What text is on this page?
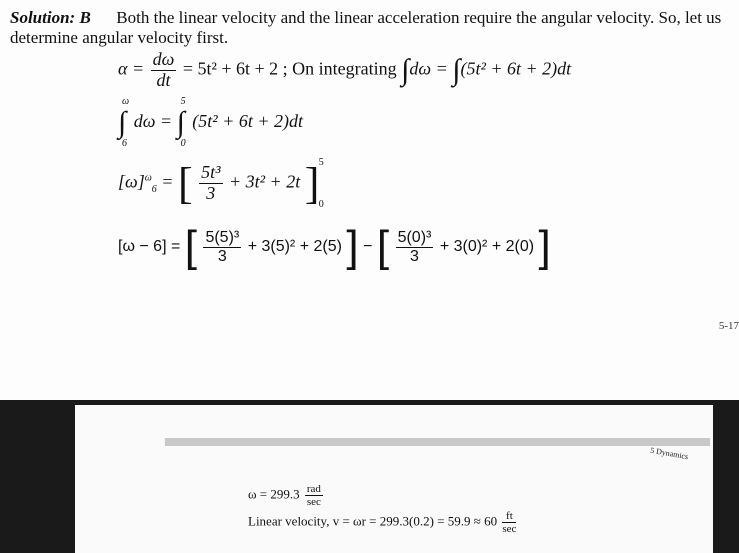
Solution: B Both the linear velocity and the linear acceleration require the angular velocity. So, let us
determine angular velocity first.
$\alpha = \frac{d\omega}{dt} = 5t^2 + 6t + 2$ ; On integrating ∫dω = ∫(5t² + 6t + 2)dt
∫
ω
6
dω = ∫
5
0
(5t² + 6t + 2)dt
$[\omega]^\omega_6$ = [ $\frac{\text{5t³}}{3} + 3t^2 + 2t$ ] 5
0
[ω − 6] = [ $\frac{\text{5(5)³}}{3} + 3(5)^2 + 2(5)$ ] − [ $\frac{\text{5(0)³}}{3} + 3(0)^2 + 2(0)$ ]
5-17
5 Dynamics
$\omega = 299.3 \frac{\text{rad}}{\sec}$
Linear velocity, $v = \omega r = 299.3(0.2) = 59.9 \approx 60 \frac{ft}{\sec}$
